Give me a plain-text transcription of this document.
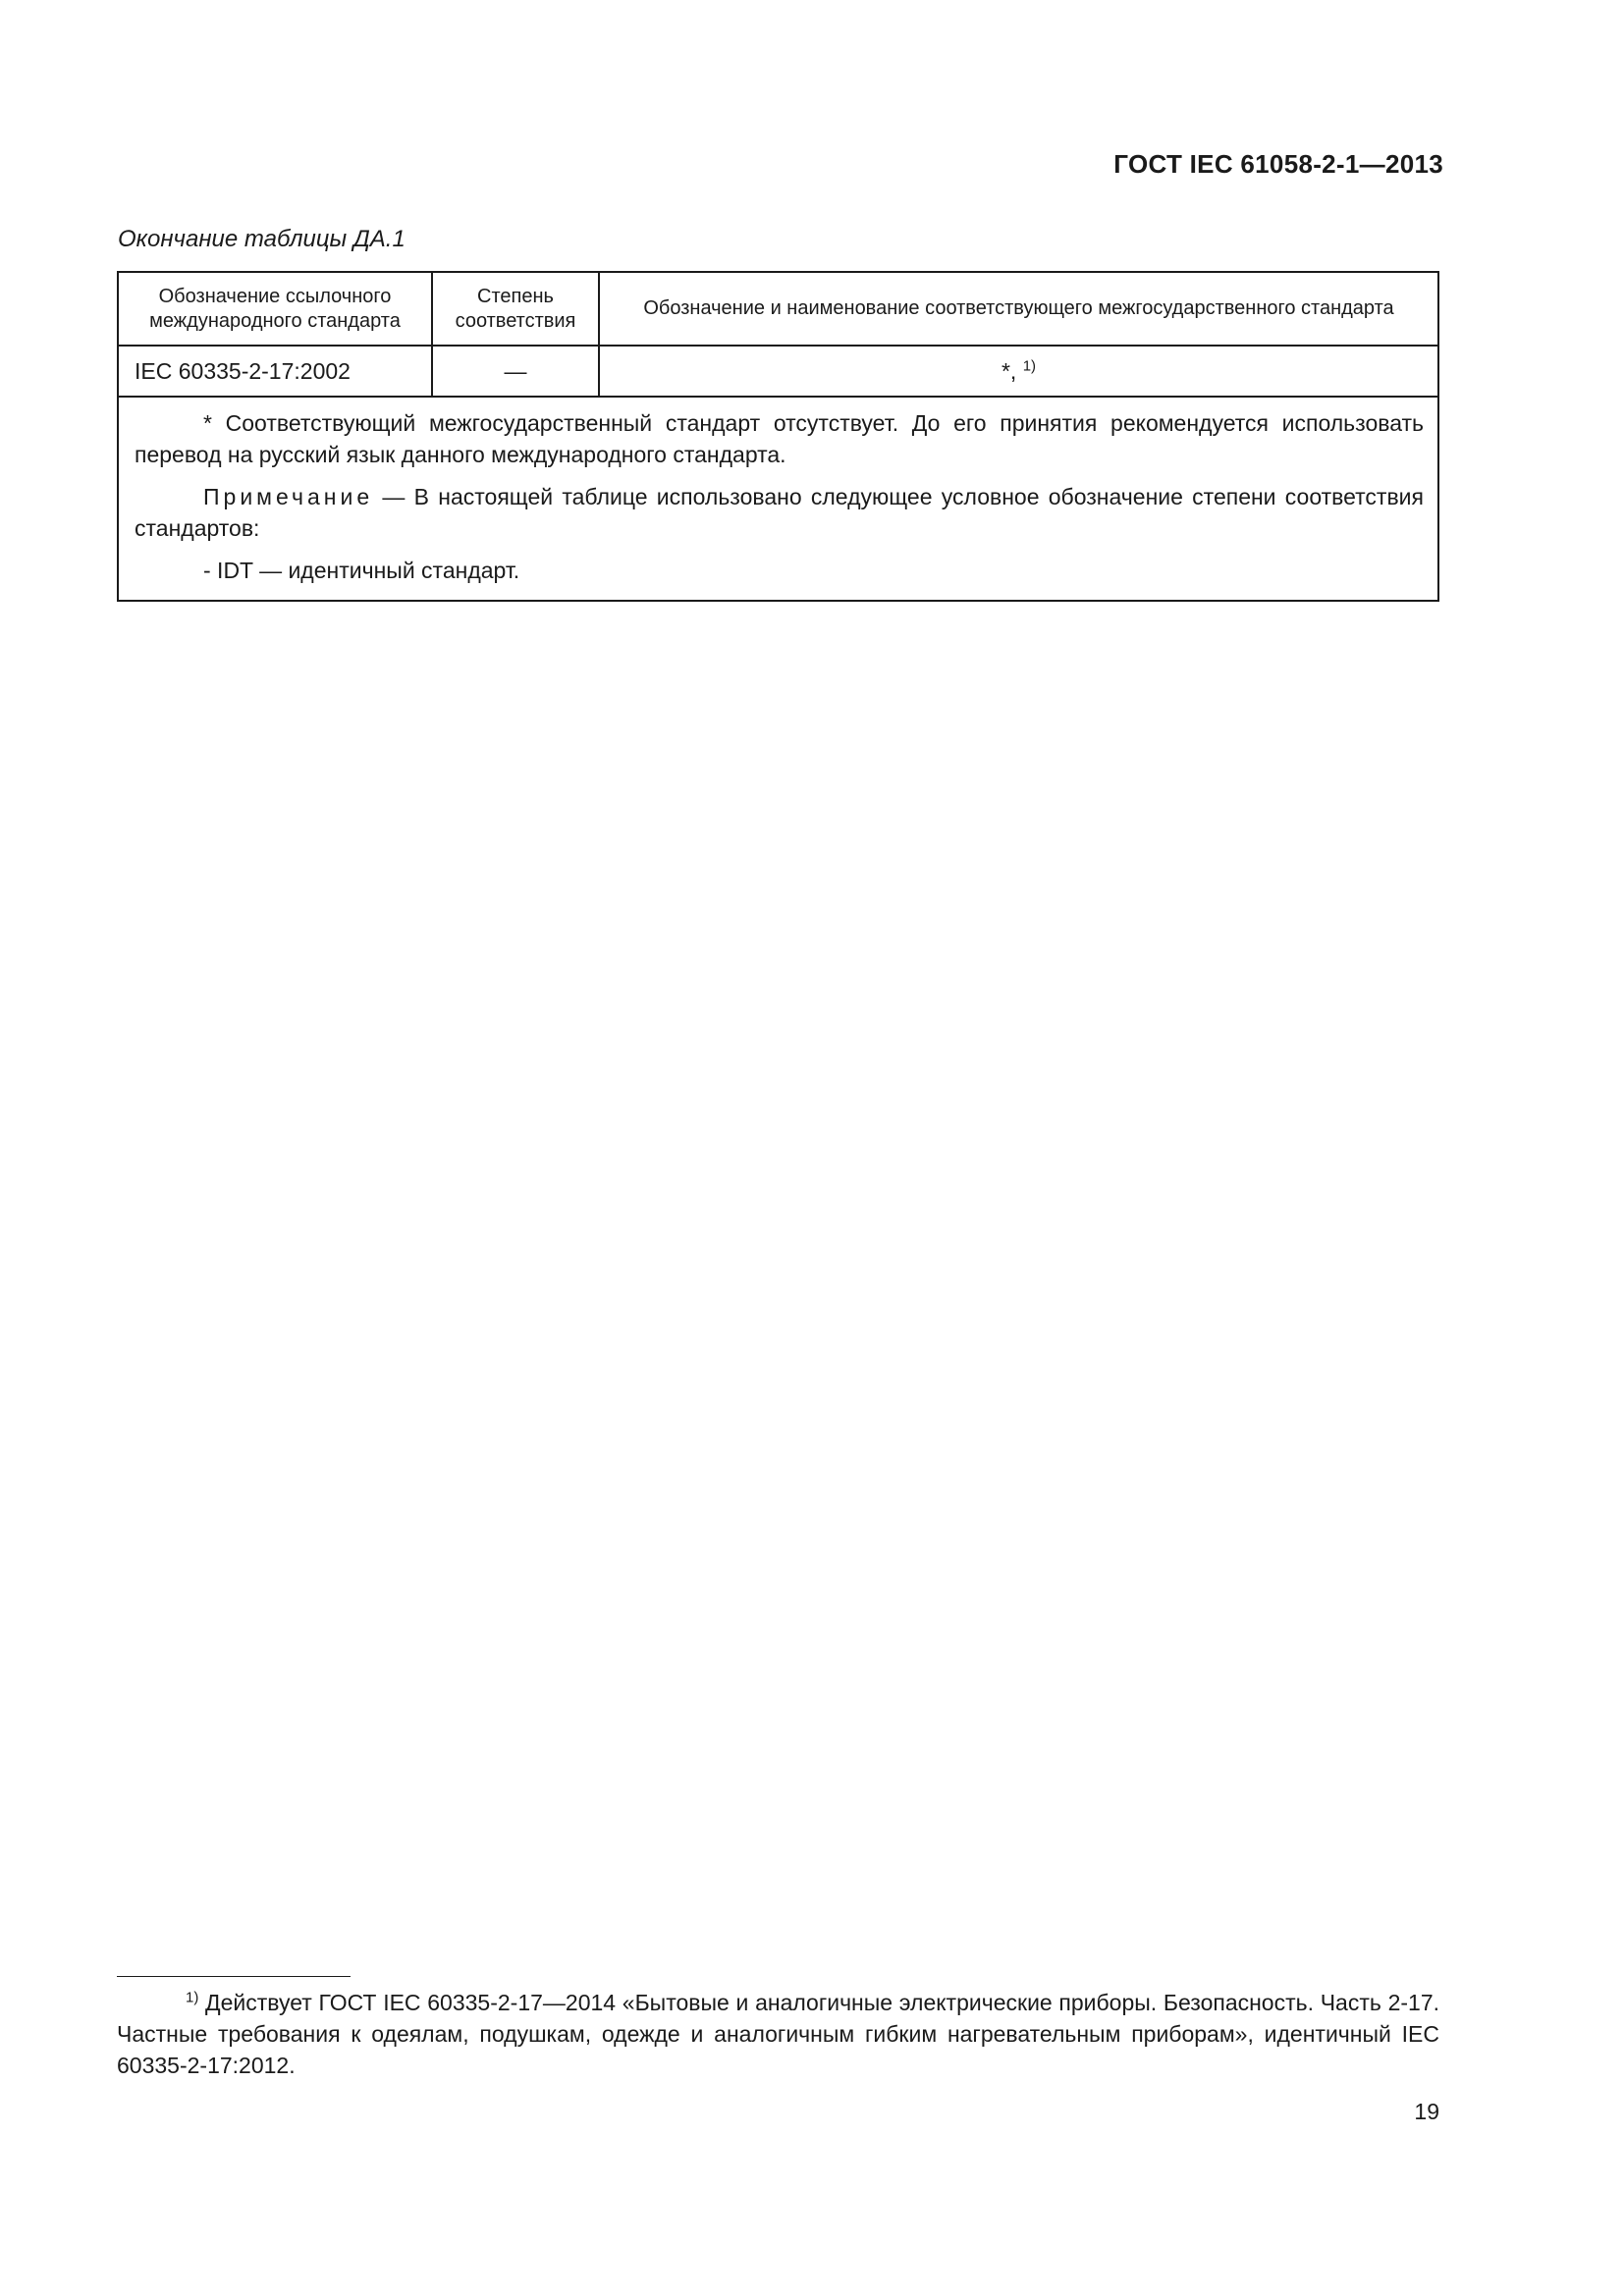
ГОСТ IEC 61058-2-1—2013
Окончание таблицы ДА.1
Обозначение ссылочного международного стандарта	Степень соответствия	Обозначение и наименование соответствующего межгосударственного стандарта
IEC 60335-2-17:2002	—	*, $^{1)}$

* Соответствующий межгосударственный стандарт отсутствует. До его принятия рекомендуется использовать перевод на русский язык данного международного стандарта.

Примечание — В настоящей таблице использовано следующее условное обозначение степени соответствия стандартов:

- IDT — идентичный стандарт.		

$^{1)}$ Действует ГОСТ IEC 60335-2-17—2014 «Бытовые и аналогичные электрические приборы. Безопасность. Часть 2-17. Частные требования к одеялам, подушкам, одежде и аналогичным гибким нагревательным приборам», идентичный IEC 60335-2-17:2012.

19
